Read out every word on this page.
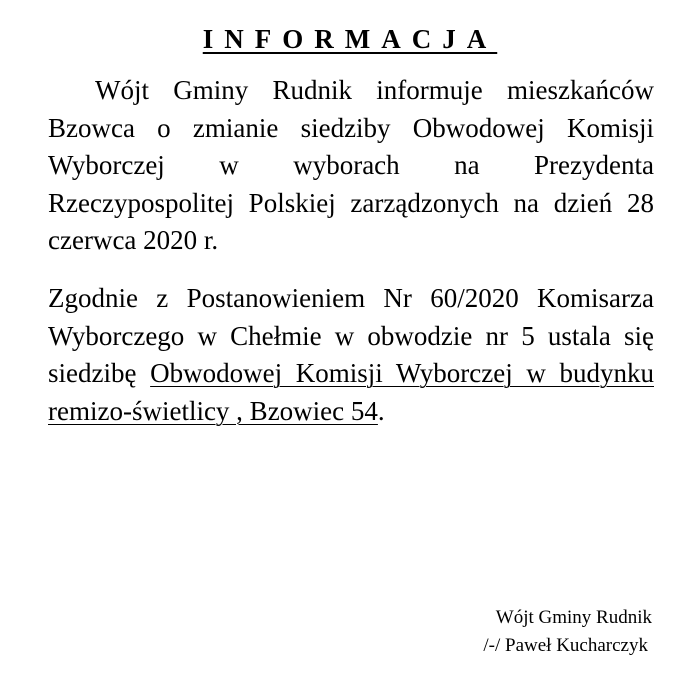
INFORMACJA
Wójt Gminy Rudnik informuje mieszkańców Bzowca o zmianie siedziby Obwodowej Komisji Wyborczej w wyborach na Prezydenta Rzeczypospolitej Polskiej zarządzonych na dzień 28 czerwca 2020 r.
Zgodnie z Postanowieniem Nr 60/2020 Komisarza Wyborczego w Chełmie w obwodzie nr 5 ustala się siedzibę Obwodowej Komisji Wyborczej w budynku remizo-świetlicy , Bzowiec 54.
Wójt Gminy Rudnik
/-/ Paweł Kucharczyk
